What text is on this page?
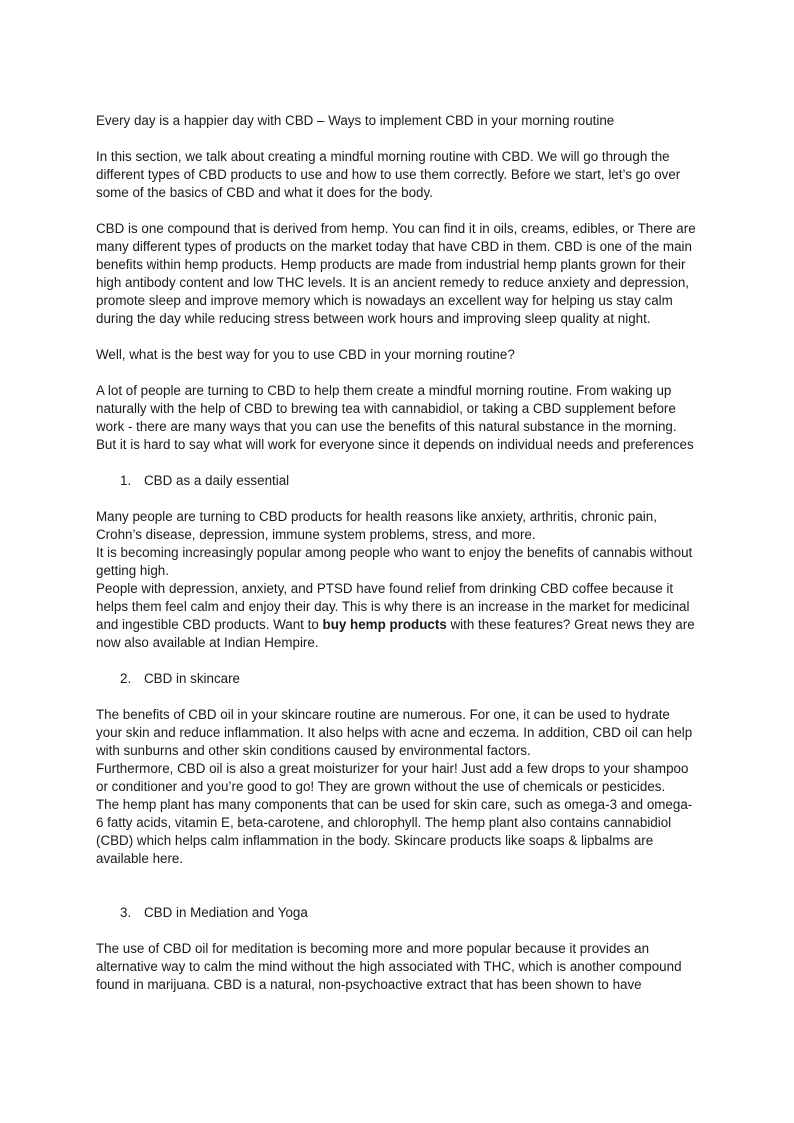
Every day is a happier day with CBD – Ways to implement CBD in your morning routine

In this section, we talk about creating a mindful morning routine with CBD. We will go through the different types of CBD products to use and how to use them correctly. Before we start, let’s go over some of the basics of CBD and what it does for the body.

CBD is one compound that is derived from hemp. You can find it in oils, creams, edibles, or There are many different types of products on the market today that have CBD in them. CBD is one of the main benefits within hemp products. Hemp products are made from industrial hemp plants grown for their high antibody content and low THC levels. It is an ancient remedy to reduce anxiety and depression, promote sleep and improve memory which is nowadays an excellent way for helping us stay calm during the day while reducing stress between work hours and improving sleep quality at night.

Well, what is the best way for you to use CBD in your morning routine?

A lot of people are turning to CBD to help them create a mindful morning routine. From waking up naturally with the help of CBD to brewing tea with cannabidiol, or taking a CBD supplement before work - there are many ways that you can use the benefits of this natural substance in the morning. But it is hard to say what will work for everyone since it depends on individual needs and preferences

1. CBD as a daily essential

Many people are turning to CBD products for health reasons like anxiety, arthritis, chronic pain, Crohn’s disease, depression, immune system problems, stress, and more.

It is becoming increasingly popular among people who want to enjoy the benefits of cannabis without getting high.

People with depression, anxiety, and PTSD have found relief from drinking CBD coffee because it helps them feel calm and enjoy their day. This is why there is an increase in the market for medicinal and ingestible CBD products. Want to buy hemp products with these features? Great news they are now also available at Indian Hempire.

2. CBD in skincare

The benefits of CBD oil in your skincare routine are numerous. For one, it can be used to hydrate your skin and reduce inflammation. It also helps with acne and eczema. In addition, CBD oil can help with sunburns and other skin conditions caused by environmental factors.

Furthermore, CBD oil is also a great moisturizer for your hair! Just add a few drops to your shampoo or conditioner and you’re good to go! They are grown without the use of chemicals or pesticides.

The hemp plant has many components that can be used for skin care, such as omega-3 and omega-6 fatty acids, vitamin E, beta-carotene, and chlorophyll. The hemp plant also contains cannabidiol (CBD) which helps calm inflammation in the body. Skincare products like soaps & lipbalms are available here.

3. CBD in Mediation and Yoga

The use of CBD oil for meditation is becoming more and more popular because it provides an alternative way to calm the mind without the high associated with THC, which is another compound found in marijuana. CBD is a natural, non-psychoactive extract that has been shown to have
